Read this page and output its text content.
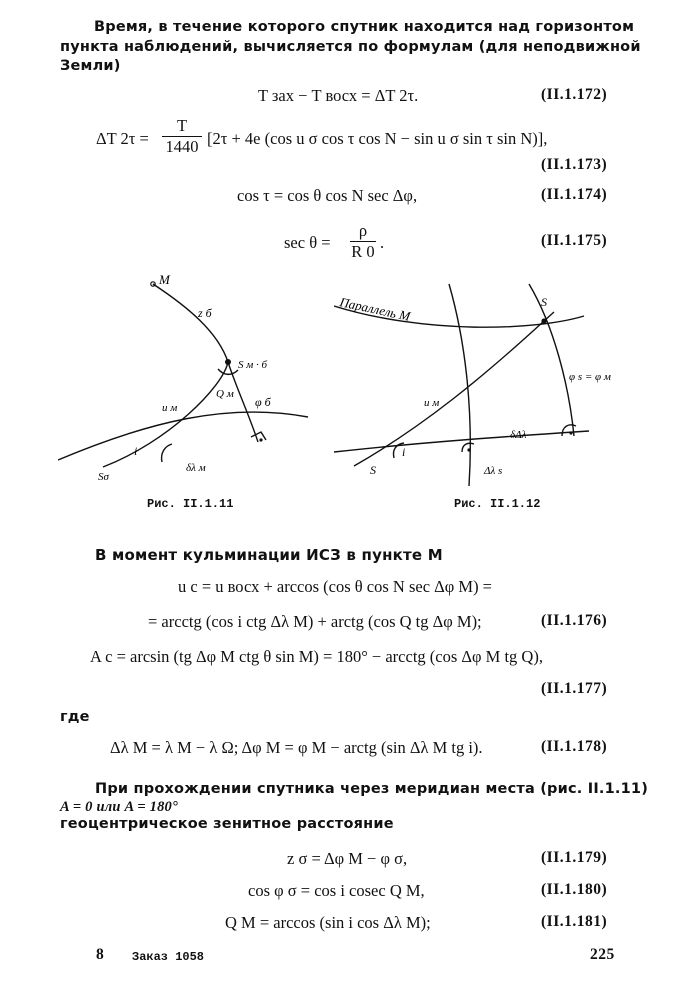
Время, в течение которого спутник находится над горизонтом
пункта наблюдений, вычисляется по формулам (для неподвижной
Земли)
T зах − T восх = ΔT 2τ.	(II.1.172)
ΔT $2\tau = \frac{T}{1440} [2\tau + 4e$ (cos u σ cos τ cos N − sin u σ sin τ sin N)],
(II.1.173)
cos τ = cos θ cos N sec Δφ,	(II.1.174)
$\sec \theta = \frac{\rho}{R 0}$ .	(II.1.175)
M
z б
S м · б
Q м
φ б
u м
i
δλ м
Sσ
Рис. II.1.11
Параллель M	S
φ s = φ м
u м
δΔλ
S
i
Δλ s
Рис. II.1.12
В момент кульминации ИСЗ в пункте M
u c = u восх + arccos (cos θ cos N sec Δφ M) =
= arcctg (cos i ctg Δλ M) + arctg (cos Q tg Δφ M);	(II.1.176)
A c = arcsin (tg Δφ M ctg θ sin M) = 180° − arcctg (cos Δφ M tg Q),
(II.1.177)
где
Δλ M = λ M − λ Ω; Δφ M = φ M − arctg (sin Δλ M tg i).	(II.1.178)
При прохождении спутника через меридиан места (рис. II.1.11)
A = 0 или A = 180°
геоцентрическое зенитное расстояние
z σ = Δφ M − φ σ,	(II.1.179)
cos φ σ = cos i cosec Q M,	(II.1.180)
Q M = arccos (sin i cos Δλ M);	(II.1.181)
8 Заказ 1058	225
